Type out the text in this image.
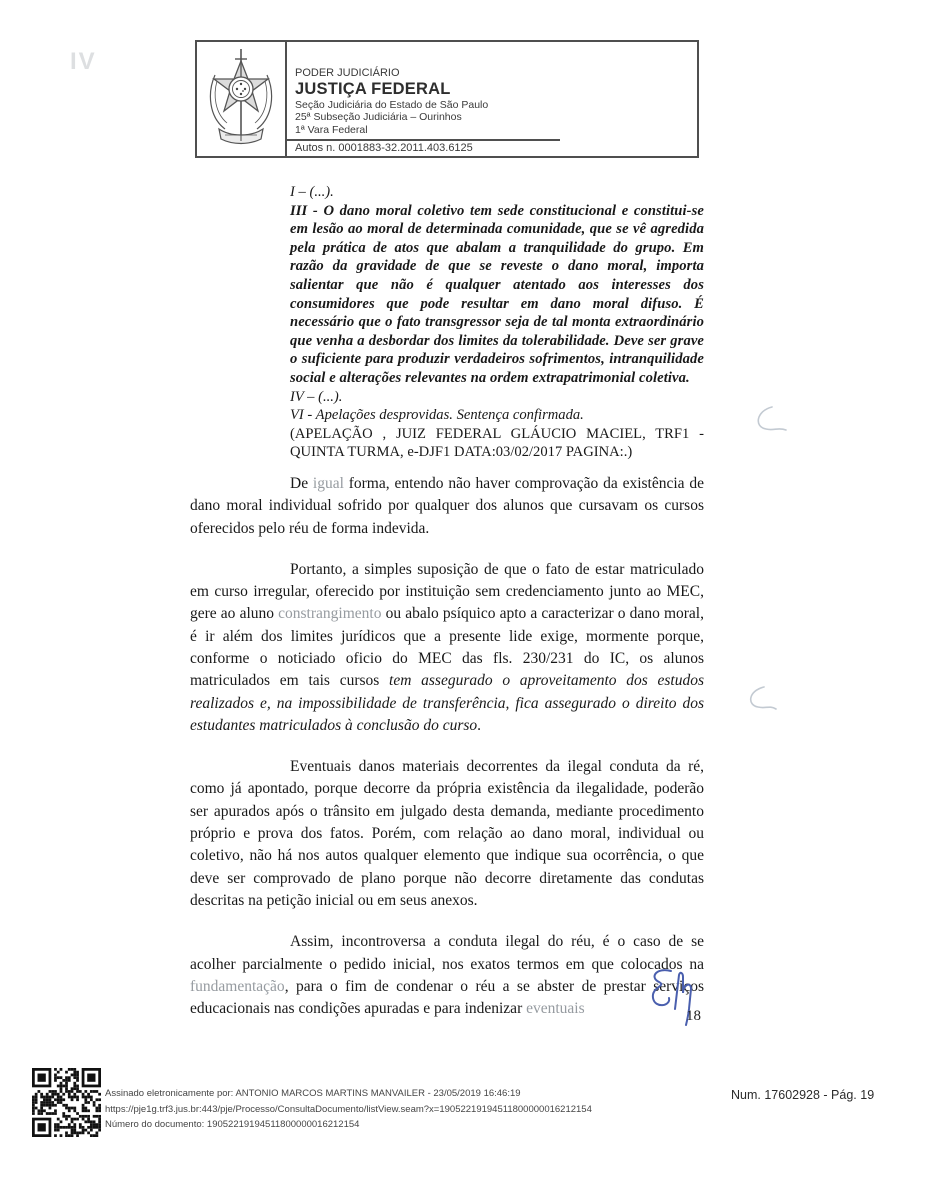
IV	PODER JUDICIÁRIO
JUSTIÇA FEDERAL
Seção Judiciária do Estado de São Paulo
25ª Subseção Judiciária – Ourinhos
1ª Vara Federal
Autos n. 0001883-32.2011.403.6125
I – (...).
III - O dano moral coletivo tem sede constitucional e constitui-se em lesão ao moral de determinada comunidade, que se vê agredida pela prática de atos que abalam a tranquilidade do grupo. Em razão da gravidade de que se reveste o dano moral, importa salientar que não é qualquer atentado aos interesses dos consumidores que pode resultar em dano moral difuso. É necessário que o fato transgressor seja de tal monta extraordinário que venha a desbordar dos limites da tolerabilidade. Deve ser grave o suficiente para produzir verdadeiros sofrimentos, intranquilidade social e alterações relevantes na ordem extrapatrimonial coletiva.
IV – (...).
VI - Apelações desprovidas. Sentença confirmada.
(APELAÇÃO , JUIZ FEDERAL GLÁUCIO MACIEL, TRF1 - QUINTA TURMA, e-DJF1 DATA:03/02/2017 PAGINA:.)

De igual forma, entendo não haver comprovação da existência de dano moral individual sofrido por qualquer dos alunos que cursavam os cursos oferecidos pelo réu de forma indevida.

Portanto, a simples suposição de que o fato de estar matriculado em curso irregular, oferecido por instituição sem credenciamento junto ao MEC, gere ao aluno constrangimento ou abalo psíquico apto a caracterizar o dano moral, é ir além dos limites jurídicos que a presente lide exige, mormente porque, conforme o noticiado oficio do MEC das fls. 230/231 do IC, os alunos matriculados em tais cursos tem assegurado o aproveitamento dos estudos realizados e, na impossibilidade de transferência, fica assegurado o direito dos estudantes matriculados à conclusão do curso.

Eventuais danos materiais decorrentes da ilegal conduta da ré, como já apontado, porque decorre da própria existência da ilegalidade, poderão ser apurados após o trânsito em julgado desta demanda, mediante procedimento próprio e prova dos fatos. Porém, com relação ao dano moral, individual ou coletivo, não há nos autos qualquer elemento que indique sua ocorrência, o que deve ser comprovado de plano porque não decorre diretamente das condutas descritas na petição inicial ou em seus anexos.

Assim, incontroversa a conduta ilegal do réu, é o caso de se acolher parcialmente o pedido inicial, nos exatos termos em que colocados na fundamentação, para o fim de condenar o réu a se abster de prestar serviços educacionais nas condições apuradas e para indenizar eventuais	18
Assinado eletronicamente por: ANTONIO MARCOS MARTINS MANVAILER - 23/05/2019 16:46:19
https://pje1g.trf3.jus.br:443/pje/Processo/ConsultaDocumento/listView.seam?x=19052219194511800000016212154
Número do documento: 19052219194511800000016212154
Num. 17602928 - Pág. 19
